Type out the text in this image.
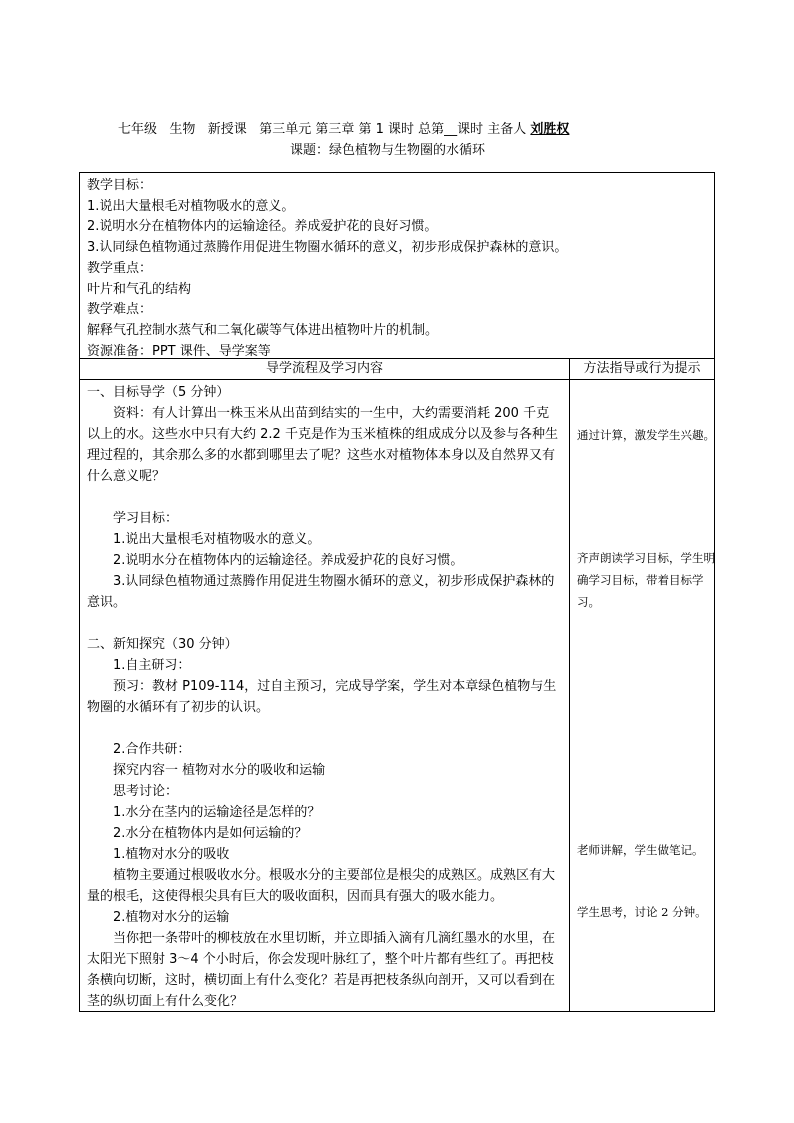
七年级   生物   新授课   第三单元 第三章 第 1 课时 总第__课时 主备人 刘胜权
课题：绿色植物与生物圈的水循环
教学目标：
1.说出大量根毛对植物吸水的意义。
2.说明水分在植物体内的运输途径。养成爱护花的良好习惯。
3.认同绿色植物通过蒸腾作用促进生物圈水循环的意义，初步形成保护森林的意识。
教学重点：
叶片和气孔的结构
教学难点：
解释气孔控制水蒸气和二氧化碳等气体进出植物叶片的机制。
资源准备：PPT 课件、导学案等
导学流程及学习内容	方法指导或行为提示

一、目标导学（5 分钟）

资料：有人计算出一株玉米从出苗到结实的一生中，大约需要消耗 200 千克以上的水。这些水中只有大约 2.2 千克是作为玉米植株的组成成分以及参与各种生理过程的，其余那么多的水都到哪里去了呢？这些水对植物体本身以及自然界又有什么意义呢？

学习目标：

1.说出大量根毛对植物吸水的意义。

2.说明水分在植物体内的运输途径。养成爱护花的良好习惯。

3.认同绿色植物通过蒸腾作用促进生物圈水循环的意义，初步形成保护森林的意识。

二、新知探究（30 分钟）

1.自主研习：

预习：教材 P109-114，过自主预习，完成导学案，学生对本章绿色植物与生物圈的水循环有了初步的认识。

2.合作共研：

探究内容一 植物对水分的吸收和运输

思考讨论：

1.水分在茎内的运输途径是怎样的？

2.水分在植物体内是如何运输的？

1.植物对水分的吸收

植物主要通过根吸收水分。根吸水分的主要部位是根尖的成熟区。成熟区有大量的根毛，这使得根尖具有巨大的吸收面积，因而具有强大的吸水能力。

2.植物对水分的运输

当你把一条带叶的柳枝放在水里切断，并立即插入滴有几滴红墨水的水里，在太阳光下照射 3～4 个小时后，你会发现叶脉红了，整个叶片都有些红了。再把枝条横向切断，这时，横切面上有什么变化？若是再把枝条纵向剖开，又可以看到在茎的纵切面上有什么变化？

通过计算，激发学生兴趣。
齐声朗读学习目标，学生明确学习目标，带着目标学习。
老师讲解，学生做笔记。
学生思考，讨论 2 分钟。
